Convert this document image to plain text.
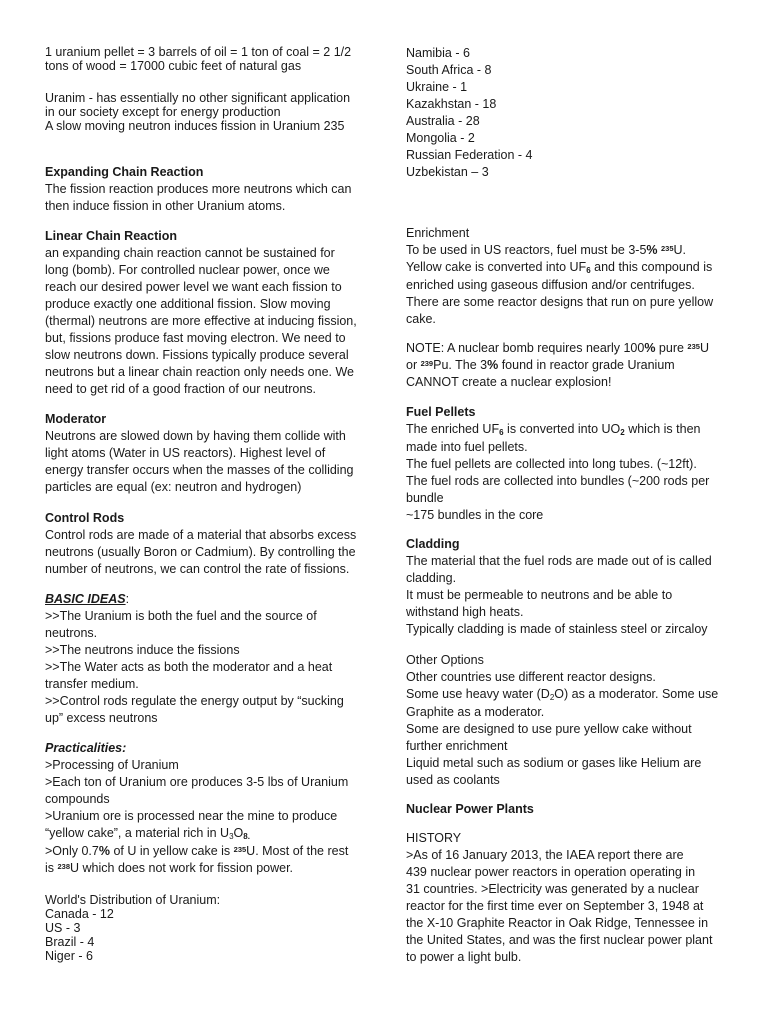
1 uranium pellet = 3 barrels of oil = 1 ton of coal = 2 1/2
tons of wood = 17000 cubic feet of natural gas
Uranim - has essentially no other significant application
in our society except for energy production
A slow moving neutron induces fission in Uranium 235
Expanding Chain Reaction
The fission reaction produces more neutrons which can
then induce fission in other Uranium atoms.
Linear Chain Reaction
an expanding chain reaction cannot be sustained for
long (bomb). For controlled nuclear power, once we
reach our desired power level we want each fission to
produce exactly one additional fission. Slow moving
(thermal) neutrons are more effective at inducing fission,
but, fissions produce fast moving electron. We need to
slow neutrons down. Fissions typically produce several
neutrons but a linear chain reaction only needs one. We
need to get rid of a good fraction of our neutrons.
Moderator
Neutrons are slowed down by having them collide with
light atoms (Water in US reactors). Highest level of
energy transfer occurs when the masses of the colliding
particles are equal (ex: neutron and hydrogen)
Control Rods
Control rods are made of a material that absorbs excess
neutrons (usually Boron or Cadmium). By controlling the
number of neutrons, we can control the rate of fissions.
BASIC IDEAS:
>>The Uranium is both the fuel and the source of
neutrons.
>>The neutrons induce the fissions
>>The Water acts as both the moderator and a heat
transfer medium.
>>Control rods regulate the energy output by “sucking
up” excess neutrons
Practicalities:
>Processing of Uranium
>Each ton of Uranium ore produces 3-5 lbs of Uranium
compounds
>Uranium ore is processed near the mine to produce
“yellow cake”, a material rich in $U_3O_{8.}$
>Only 0.7% of U in yellow cake is $^{235}$U. Most of the rest
is $^{238}$U which does not work for fission power.
World's Distribution of Uranium:
Canada - 12
US - 3
Brazil - 4
Niger - 6
Namibia - 6
South Africa - 8
Ukraine - 1
Kazakhstan - 18
Australia - 28
Mongolia - 2
Russian Federation - 4
Uzbekistan – 3
Enrichment
To be used in US reactors, fuel must be 3-5% $^{235}$U.
Yellow cake is converted into $UF_6$ and this compound is
enriched using gaseous diffusion and/or centrifuges.
There are some reactor designs that run on pure yellow
cake.
NOTE: A nuclear bomb requires nearly 100% pure $^{235}$U
or $^{239}$Pu. The 3% found in reactor grade Uranium
CANNOT create a nuclear explosion!
Fuel Pellets
The enriched $UF_6$ is converted into $UO_2$ which is then
made into fuel pellets.
The fuel pellets are collected into long tubes. (~12ft).
The fuel rods are collected into bundles (~200 rods per
bundle
~175 bundles in the core
Cladding
The material that the fuel rods are made out of is called
cladding.
It must be permeable to neutrons and be able to
withstand high heats.
Typically cladding is made of stainless steel or zircaloy
Other Options
Other countries use different reactor designs.
Some use heavy water $(D_2O)$ as a moderator. Some use
Graphite as a moderator.
Some are designed to use pure yellow cake without
further enrichment
Liquid metal such as sodium or gases like Helium are
used as coolants
Nuclear Power Plants
HISTORY
>As of 16 January 2013, the IAEA report there are
439 nuclear power reactors in operation operating in
31 countries. >Electricity was generated by a nuclear
reactor for the first time ever on September 3, 1948 at
the X-10 Graphite Reactor in Oak Ridge, Tennessee in
the United States, and was the first nuclear power plant
to power a light bulb.
